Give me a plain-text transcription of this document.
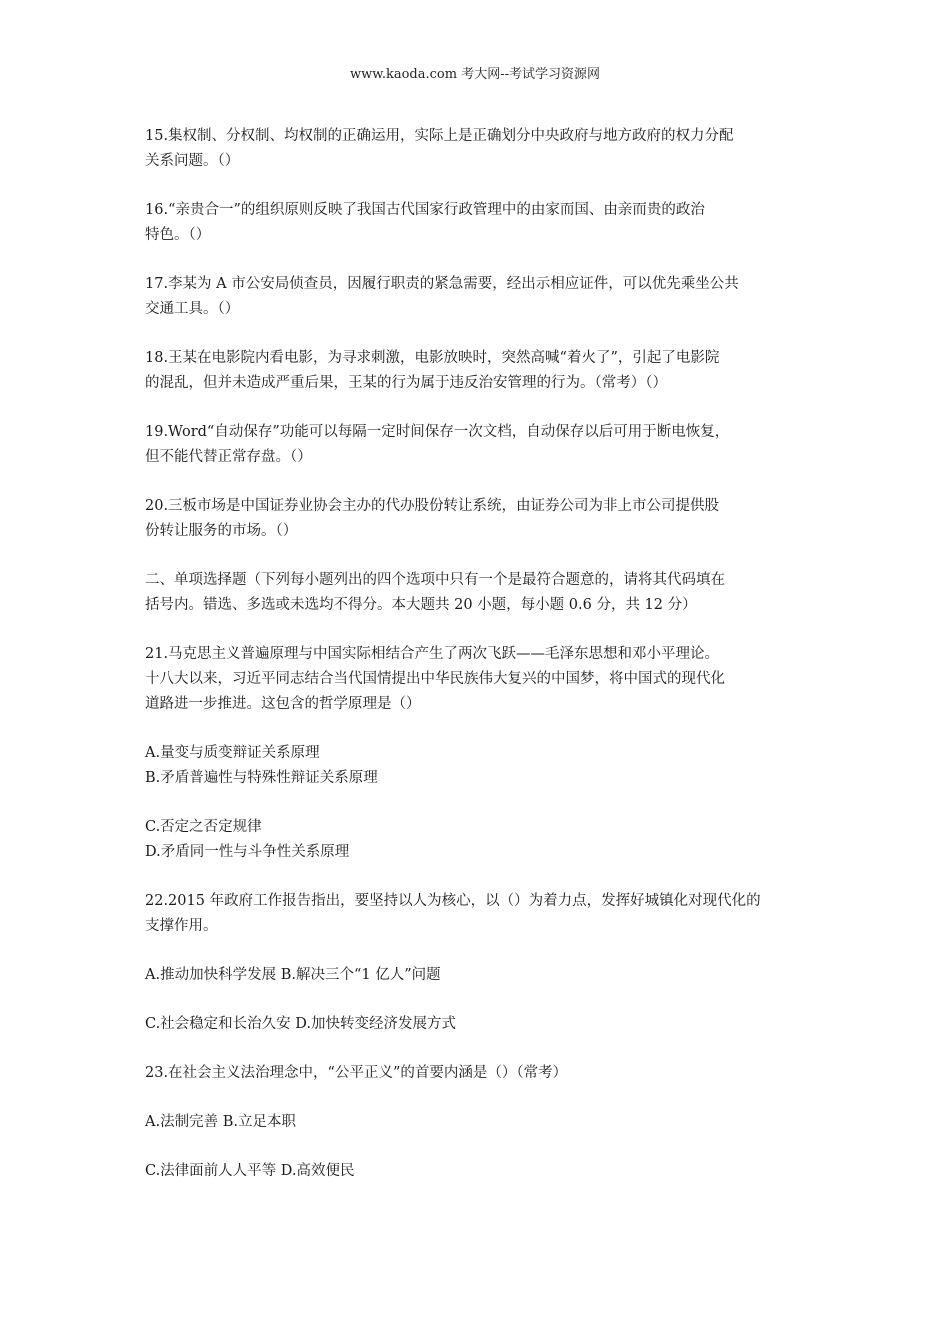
www.kaoda.com 考大网--考试学习资源网
15.集权制、分权制、均权制的正确运用，实际上是正确划分中央政府与地方政府的权力分配
关系问题。（）
16.“亲贵合一”的组织原则反映了我国古代国家行政管理中的由家而国、由亲而贵的政治
特色。（）
17.李某为 A 市公安局侦查员，因履行职责的紧急需要，经出示相应证件，可以优先乘坐公共
交通工具。（）
18.王某在电影院内看电影，为寻求刺激，电影放映时，突然高喊“着火了”，引起了电影院
的混乱，但并未造成严重后果，王某的行为属于违反治安管理的行为。（常考）（）
19.Word“自动保存”功能可以每隔一定时间保存一次文档，自动保存以后可用于断电恢复，
但不能代替正常存盘。（）
20.三板市场是中国证券业协会主办的代办股份转让系统，由证券公司为非上市公司提供股
份转让服务的市场。（）
二、单项选择题（下列每小题列出的四个选项中只有一个是最符合题意的，请将其代码填在
括号内。错选、多选或未选均不得分。本大题共 20 小题，每小题 0.6 分，共 12 分）
21.马克思主义普遍原理与中国实际相结合产生了两次飞跃——毛泽东思想和邓小平理论。
十八大以来，习近平同志结合当代国情提出中华民族伟大复兴的中国梦，将中国式的现代化
道路进一步推进。这包含的哲学原理是（）
A.量变与质变辩证关系原理
B.矛盾普遍性与特殊性辩证关系原理
C.否定之否定规律
D.矛盾同一性与斗争性关系原理
22.2015 年政府工作报告指出，要坚持以人为核心，以（）为着力点，发挥好城镇化对现代化的
支撑作用。
A.推动加快科学发展 B.解决三个“1 亿人”问题
C.社会稳定和长治久安 D.加快转变经济发展方式
23.在社会主义法治理念中，“公平正义”的首要内涵是（）（常考）
A.法制完善 B.立足本职
C.法律面前人人平等 D.高效便民
